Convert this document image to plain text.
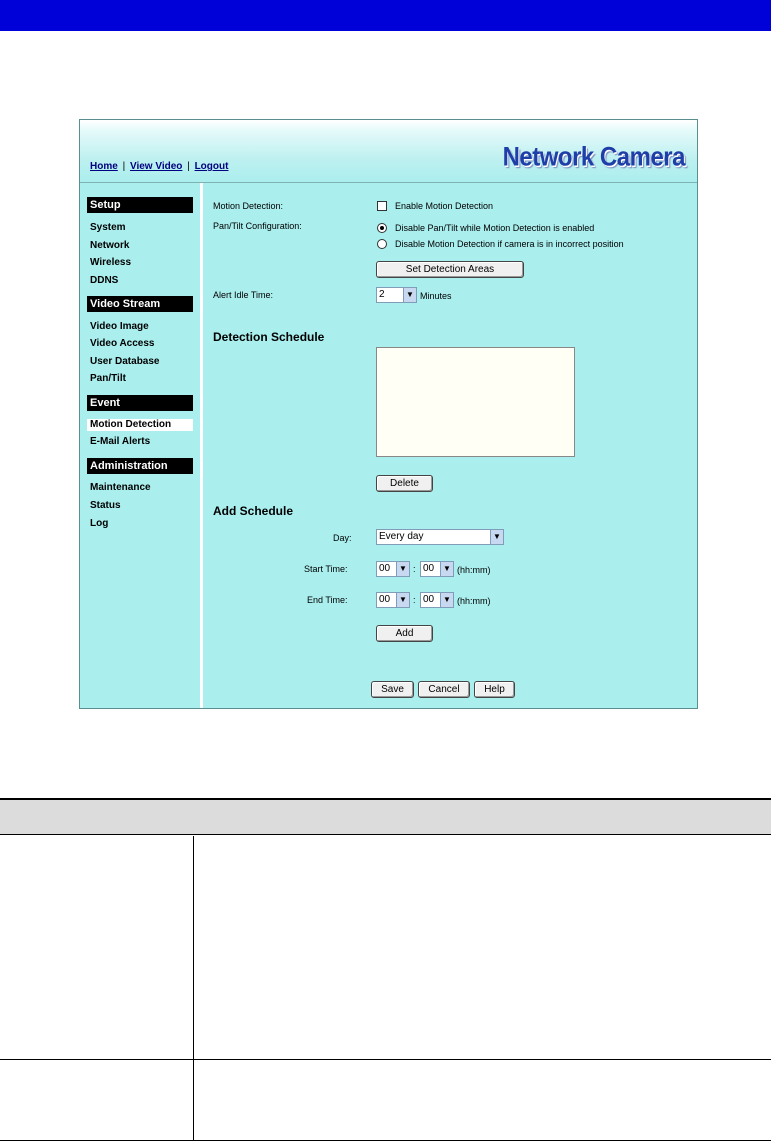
Home | View Video | Logout	Network Camera
Setup
System
Network
Wireless
DDNS
Video Stream
Video Image
Video Access
User Database
Pan/Tilt
Event
Motion Detection
E-Mail Alerts
Administration
Maintenance
Status
Log
Motion Detection:	Enable Motion Detection
Pan/Tilt Configuration:	Disable Pan/Tilt while Motion Detection is enabled
Disable Motion Detection if camera is in incorrect position
Set Detection Areas
Alert Idle Time:	2	▼ Minutes
Detection Schedule
Delete
Add Schedule
Day:	Every day	▼
Start Time:	00	▼ : 00	▼ (hh:mm)
End Time:	00	▼ : 00	▼ (hh:mm)
Add
Save	Cancel	Help
